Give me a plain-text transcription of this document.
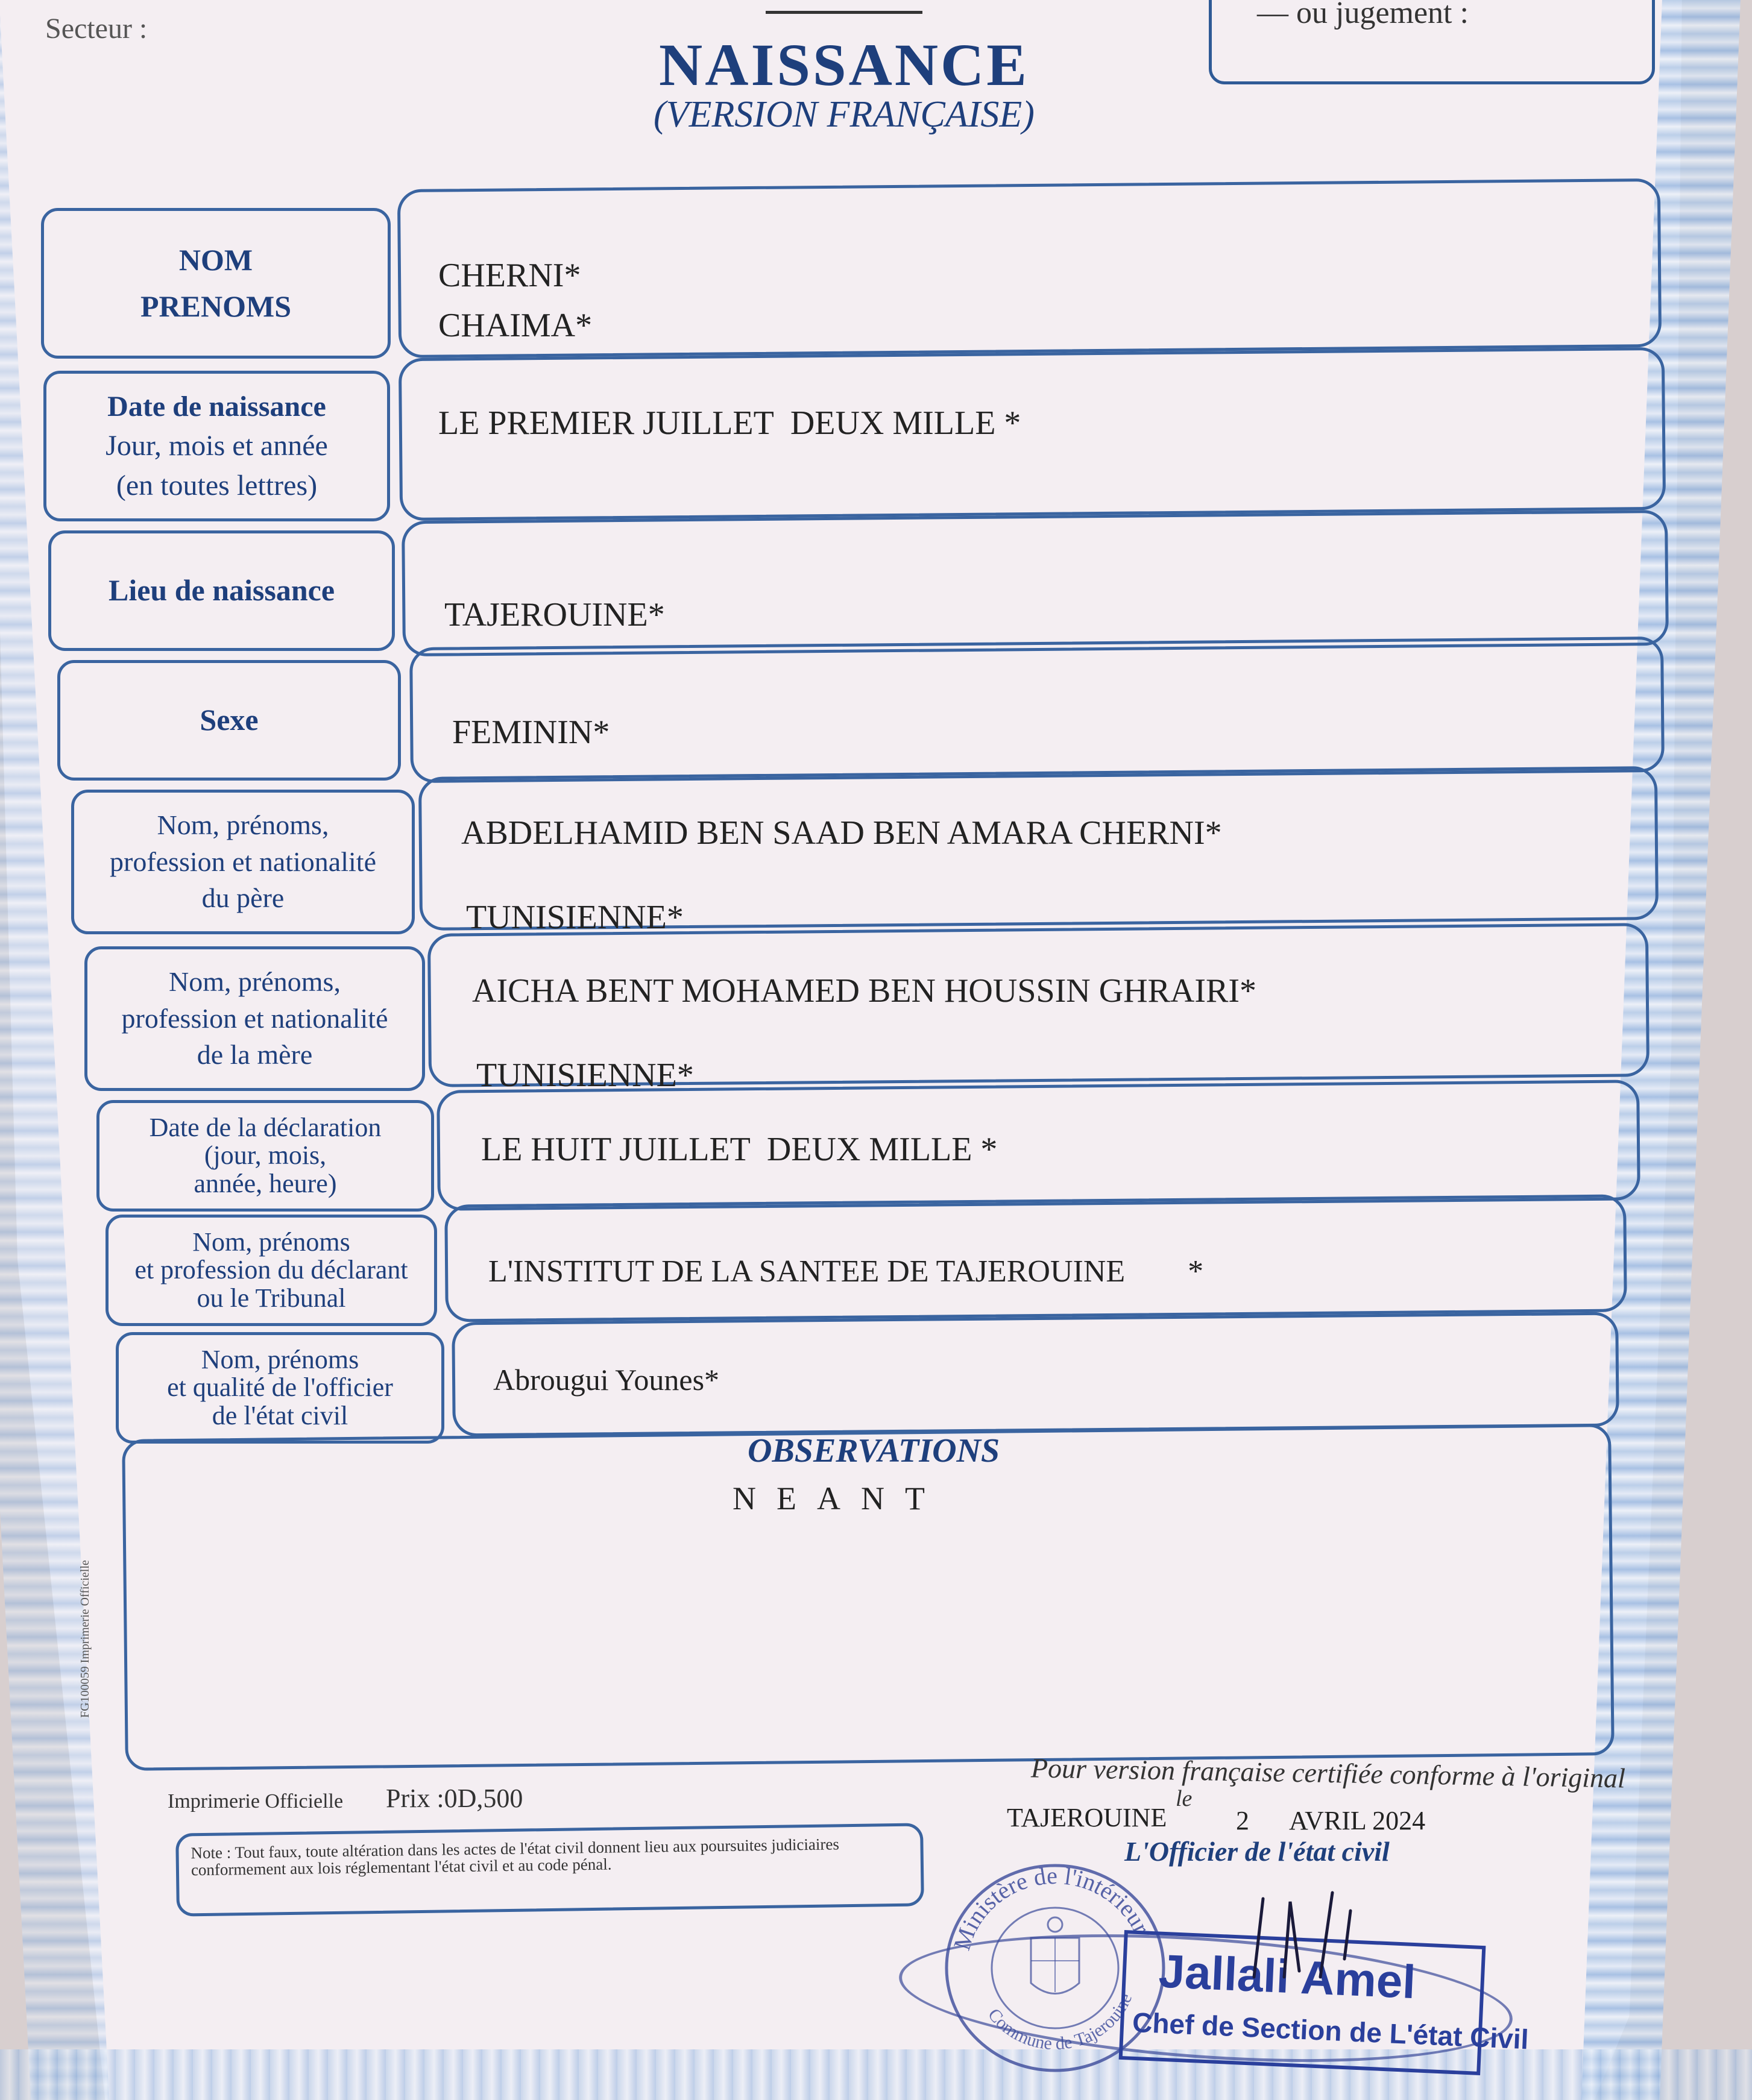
Secteur :	— ou jugement :
NAISSANCE
(VERSION FRANÇAISE)
NOM
PRENOMS
CHERNI*
CHAIMA*
Date de naissance
Jour, mois et année
(en toutes lettres)
LE PREMIER JUILLET  DEUX MILLE *
Lieu de naissance
TAJEROUINE*
Sexe	FEMININ*
Nom, prénoms,
profession et nationalité
du père
ABDELHAMID BEN SAAD BEN AMARA CHERNI*
TUNISIENNE*
Nom, prénoms,
profession et nationalité
de la mère
AICHA BENT MOHAMED BEN HOUSSIN GHRAIRI*
TUNISIENNE*
Date de la déclaration
(jour, mois,
année, heure)
LE HUIT JUILLET  DEUX MILLE *
Nom, prénoms
et profession du déclarant
ou le Tribunal
L'INSTITUT DE LA SANTEE DE TAJEROUINE        *
Nom, prénoms
et qualité de l'officier
de l'état civil
Abrougui Younes*
OBSERVATIONS
NEANT
FG100059 Imprimerie Officielle
Pour version française certifiée conforme à l'original
Imprimerie Officielle Prix :0D,500
TAJEROUINE
le
2 AVRIL 2024
L'Officier de l'état civil
Note : Tout faux, toute altération dans les actes de l'état civil donnent lieu aux poursuites judiciaires conformement aux lois réglementant l'état civil et au code pénal.
Ministère de l'intérieur
Commune de Tajerouine Jallali Amel
Chef de Section de L'état Civil
